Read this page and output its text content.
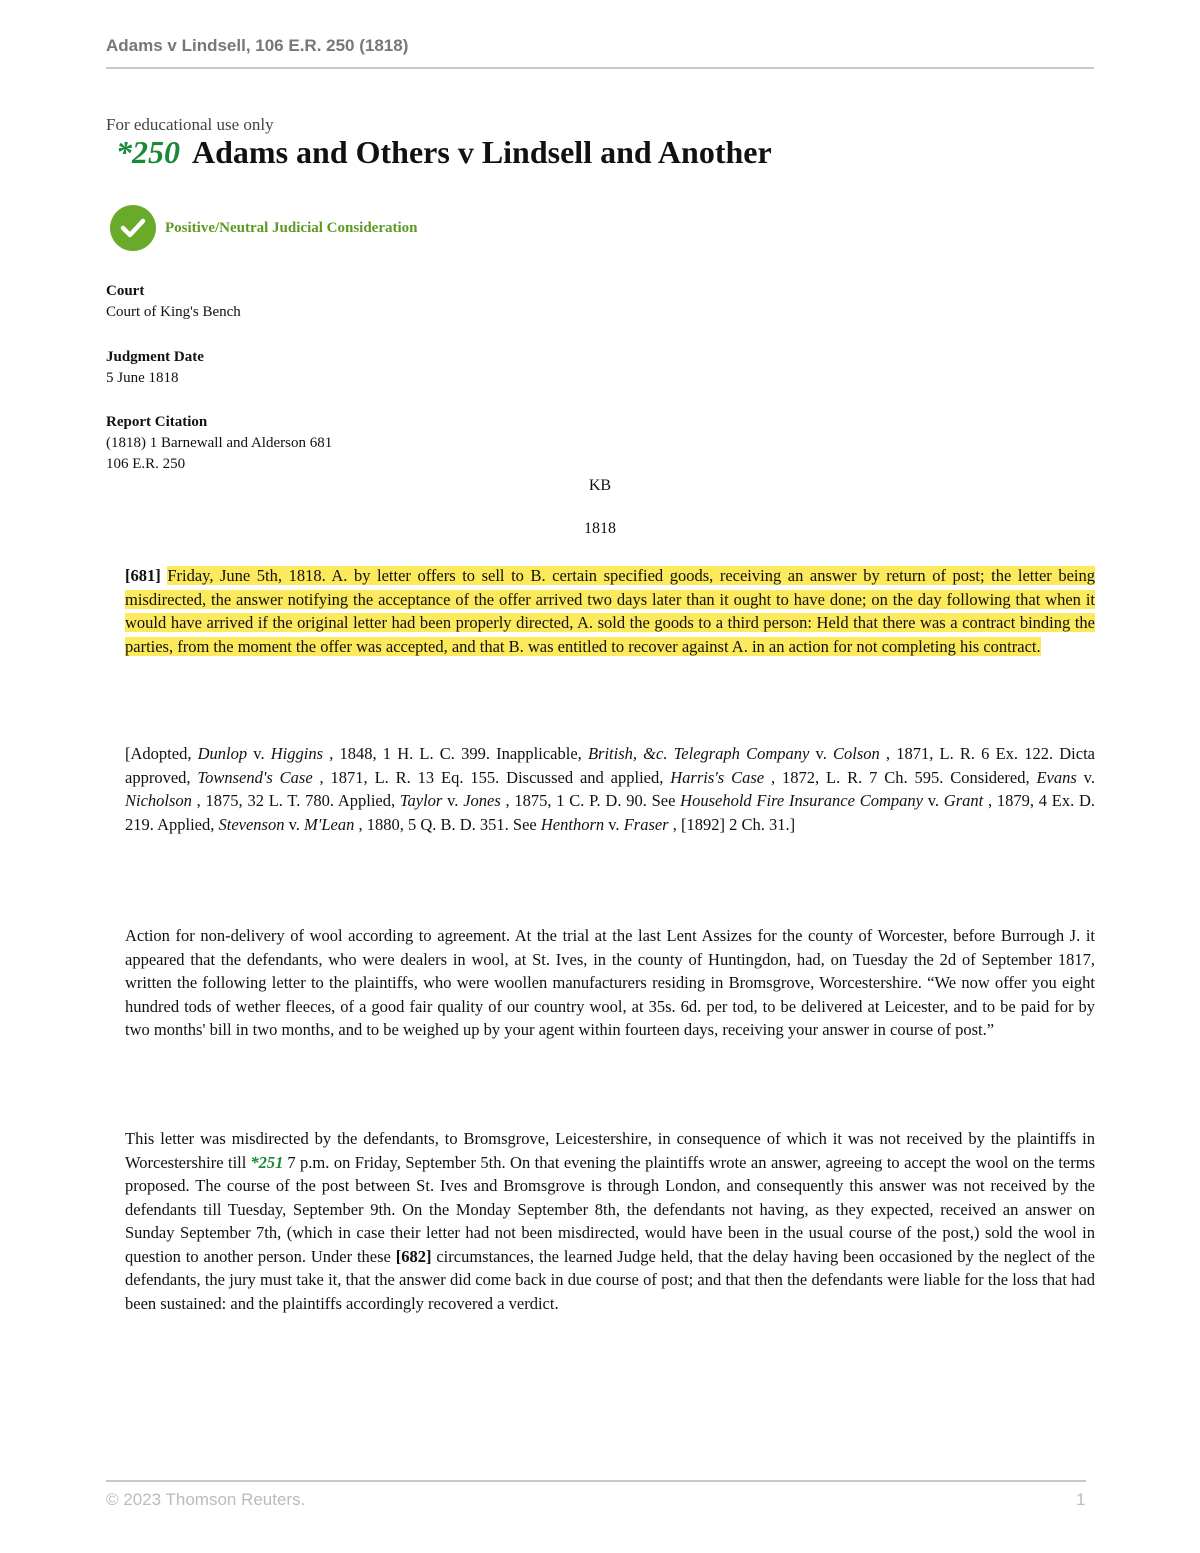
Adams v Lindsell, 106 E.R. 250 (1818)
For educational use only
*250 Adams and Others v Lindsell and Another
Positive/Neutral Judicial Consideration
Court
Court of King's Bench
Judgment Date
5 June 1818
Report Citation
(1818) 1 Barnewall and Alderson 681
106 E.R. 250
KB
1818
[681] Friday, June 5th, 1818. A. by letter offers to sell to B. certain specified goods, receiving an answer by return of post; the letter being misdirected, the answer notifying the acceptance of the offer arrived two days later than it ought to have done; on the day following that when it would have arrived if the original letter had been properly directed, A. sold the goods to a third person: Held that there was a contract binding the parties, from the moment the offer was accepted, and that B. was entitled to recover against A. in an action for not completing his contract.
[Adopted, Dunlop v. Higgins , 1848, 1 H. L. C. 399. Inapplicable, British, &c. Telegraph Company v. Colson , 1871, L. R. 6 Ex. 122. Dicta approved, Townsend's Case , 1871, L. R. 13 Eq. 155. Discussed and applied, Harris's Case , 1872, L. R. 7 Ch. 595. Considered, Evans v. Nicholson , 1875, 32 L. T. 780. Applied, Taylor v. Jones , 1875, 1 C. P. D. 90. See Household Fire Insurance Company v. Grant , 1879, 4 Ex. D. 219. Applied, Stevenson v. M'Lean , 1880, 5 Q. B. D. 351. See Henthorn v. Fraser , [1892] 2 Ch. 31.]
Action for non-delivery of wool according to agreement. At the trial at the last Lent Assizes for the county of Worcester, before Burrough J. it appeared that the defendants, who were dealers in wool, at St. Ives, in the county of Huntingdon, had, on Tuesday the 2d of September 1817, written the following letter to the plaintiffs, who were woollen manufacturers residing in Bromsgrove, Worcestershire. “We now offer you eight hundred tods of wether fleeces, of a good fair quality of our country wool, at 35s. 6d. per tod, to be delivered at Leicester, and to be paid for by two months' bill in two months, and to be weighed up by your agent within fourteen days, receiving your answer in course of post.”
This letter was misdirected by the defendants, to Bromsgrove, Leicestershire, in consequence of which it was not received by the plaintiffs in Worcestershire till *251 7 p.m. on Friday, September 5th. On that evening the plaintiffs wrote an answer, agreeing to accept the wool on the terms proposed. The course of the post between St. Ives and Bromsgrove is through London, and consequently this answer was not received by the defendants till Tuesday, September 9th. On the Monday September 8th, the defendants not having, as they expected, received an answer on Sunday September 7th, (which in case their letter had not been misdirected, would have been in the usual course of the post,) sold the wool in question to another person. Under these [682] circumstances, the learned Judge held, that the delay having been occasioned by the neglect of the defendants, the jury must take it, that the answer did come back in due course of post; and that then the defendants were liable for the loss that had been sustained: and the plaintiffs accordingly recovered a verdict.
© 2023 Thomson Reuters.	1
